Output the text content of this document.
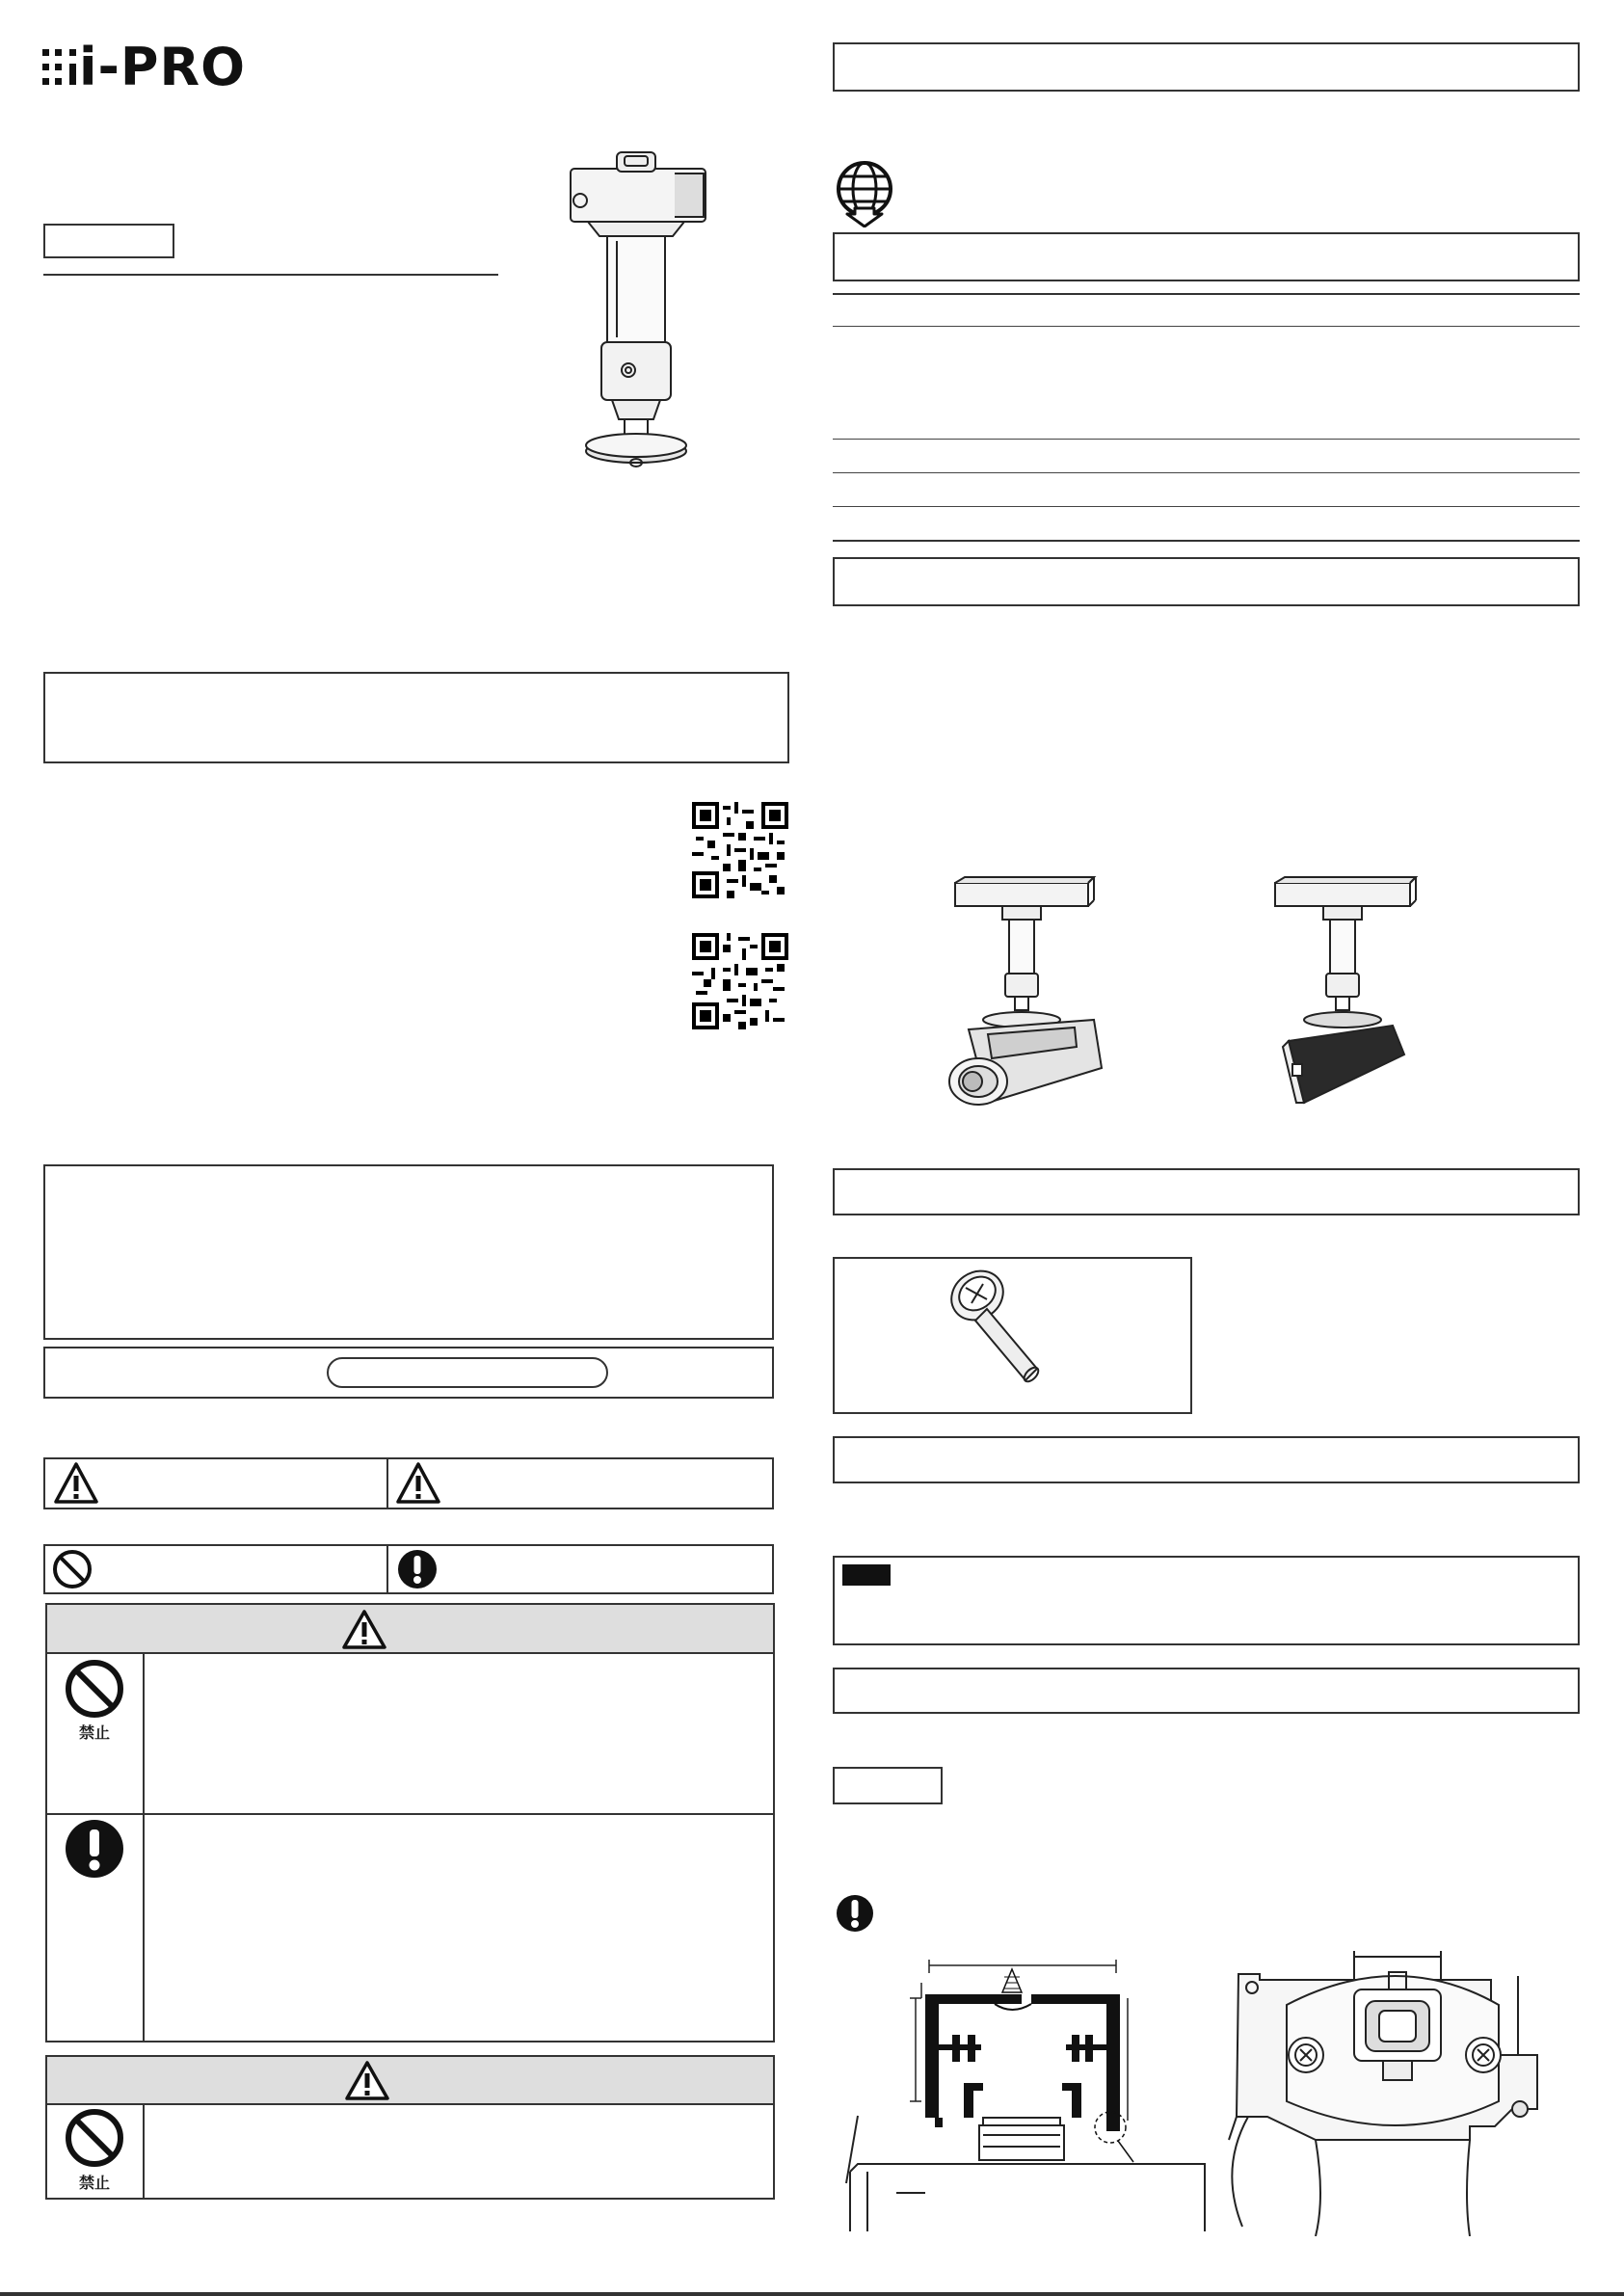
i-PRO
禁止
禁止
